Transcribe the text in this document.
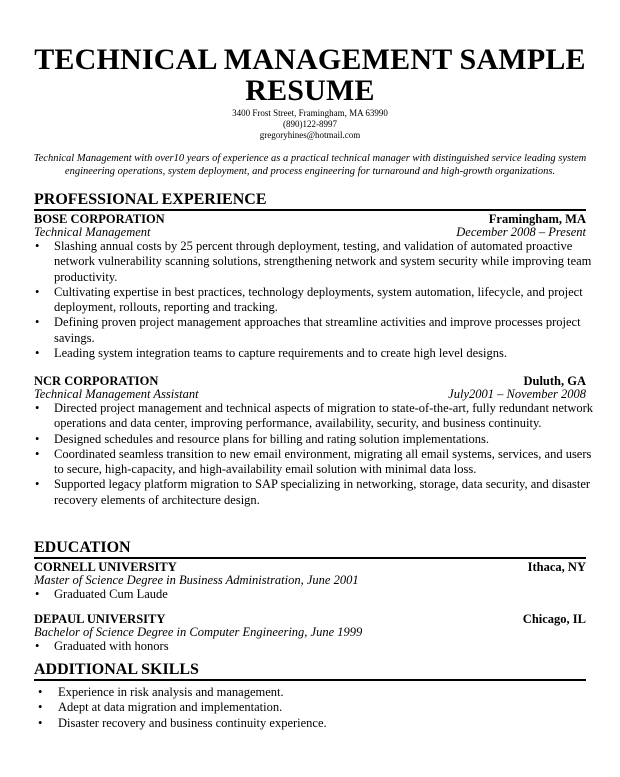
TECHNICAL MANAGEMENT SAMPLE
RESUME
3400 Frost Street, Framingham, MA 63990
(890)122-8997
gregoryhines@hotmail.com
Technical Management with over10 years of experience as a practical technical manager with distinguished service leading system engineering operations, system deployment, and process engineering for turnaround and high-growth organizations.
PROFESSIONAL EXPERIENCE
BOSE CORPORATION	Framingham, MA
Technical Management	December 2008 – Present
• Slashing annual costs by 25 percent through deployment, testing, and validation of automated proactive network vulnerability scanning solutions, strengthening network and system security while improving team productivity.
• Cultivating expertise in best practices, technology deployments, system automation, lifecycle, and project deployment, rollouts, reporting and tracking.
• Defining proven project management approaches that streamline activities and improve processes project savings.
• Leading system integration teams to capture requirements and to create high level designs.
NCR CORPORATION	Duluth, GA
Technical Management Assistant	July2001 – November 2008
• Directed project management and technical aspects of migration to state-of-the-art, fully redundant network operations and data center, improving performance, availability, security, and business continuity.
• Designed schedules and resource plans for billing and rating solution implementations.
• Coordinated seamless transition to new email environment, migrating all email systems, services, and users to secure, high-capacity, and high-availability email solution with minimal data loss.
• Supported legacy platform migration to SAP specializing in networking, storage, data security, and disaster recovery elements of architecture design.
EDUCATION
CORNELL UNIVERSITY	Ithaca, NY
Master of Science Degree in Business Administration, June 2001
• Graduated Cum Laude
DEPAUL UNIVERSITY	Chicago, IL
Bachelor of Science Degree in Computer Engineering, June 1999
• Graduated with honors
ADDITIONAL SKILLS
• Experience in risk analysis and management.
• Adept at data migration and implementation.
• Disaster recovery and business continuity experience.
